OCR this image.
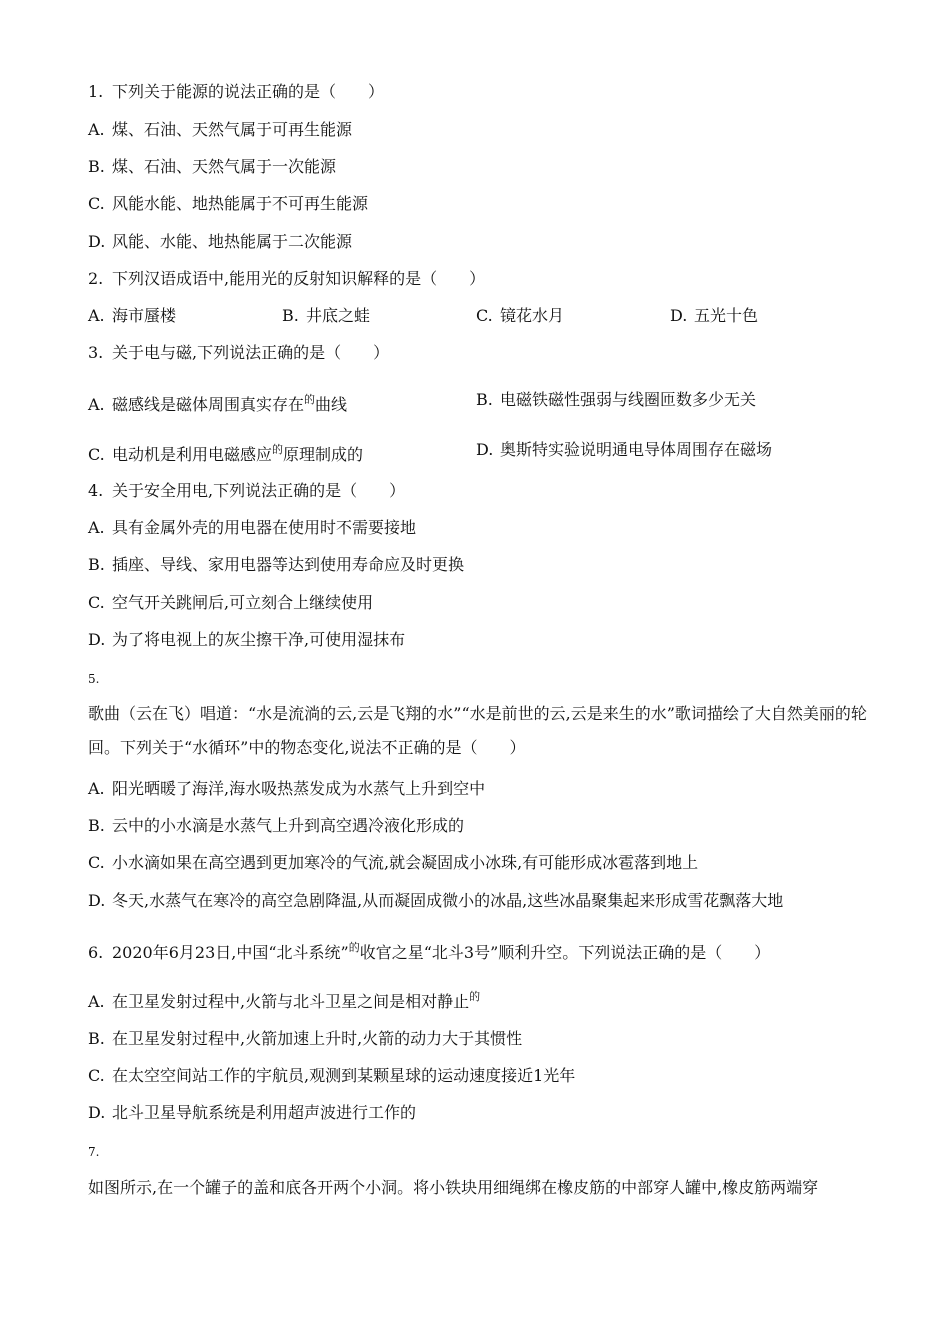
1. 下列关于能源的说法正确的是（　　）
A. 煤、石油、天然气属于可再生能源
B. 煤、石油、天然气属于一次能源
C. 风能水能、地热能属于不可再生能源
D. 风能、水能、地热能属于二次能源
2. 下列汉语成语中,能用光的反射知识解释的是（　　）
A. 海市蜃楼	B. 井底之蛙	C. 镜花水月	D. 五光十色
3. 关于电与磁,下列说法正确的是（　　）
A. 磁感线是磁体周围真实存在$^的$曲线	B. 电磁铁磁性强弱与线圈匝数多少无关
C. 电动机是利用电磁感应$^的$原理制成的	D. 奥斯特实验说明通电导体周围存在磁场
4. 关于安全用电,下列说法正确的是（　　）
A. 具有金属外壳的用电器在使用时不需要接地
B. 插座、导线、家用电器等达到使用寿命应及时更换
C. 空气开关跳闸后,可立刻合上继续使用
D. 为了将电视上的灰尘擦干净,可使用湿抹布
5.
歌曲（云在飞）唱道：“水是流淌的云,云是飞翔的水”“水是前世的云,云是来生的水”歌词描绘了大自然美丽的轮回。下列关于“水循环”中的物态变化,说法不正确的是（　　）
A. 阳光晒暖了海洋,海水吸热蒸发成为水蒸气上升到空中
B. 云中的小水滴是水蒸气上升到高空遇冷液化形成的
C. 小水滴如果在高空遇到更加寒冷的气流,就会凝固成小冰珠,有可能形成冰雹落到地上
D. 冬天,水蒸气在寒冷的高空急剧降温,从而凝固成微小的冰晶,这些冰晶聚集起来形成雪花飘落大地
6. 2020年6月23日,中国“北斗系统”$^的$收官之星“北斗3号”顺利升空。下列说法正确的是（　　）
A. 在卫星发射过程中,火箭与北斗卫星之间是相对静止$^的$
B. 在卫星发射过程中,火箭加速上升时,火箭的动力大于其惯性
C. 在太空空间站工作的宇航员,观测到某颗星球的运动速度接近1光年
D. 北斗卫星导航系统是利用超声波进行工作的
7.
如图所示,在一个罐子的盖和底各开两个小洞。将小铁块用细绳绑在橡皮筋的中部穿人罐中,橡皮筋两端穿
